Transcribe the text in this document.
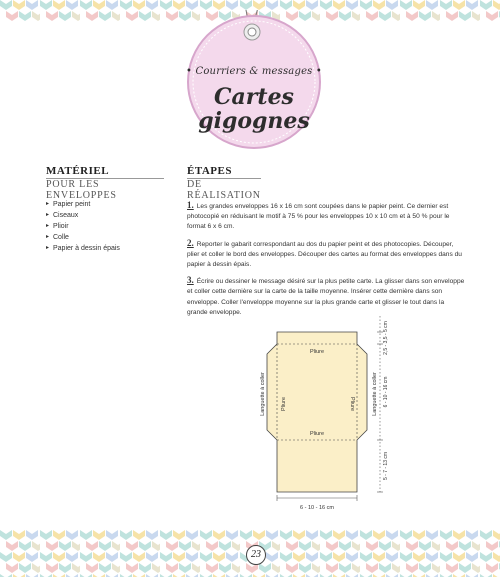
• Courriers & messages •
Cartes
gigognes
MATÉRIEL
POUR LES ENVELOPPES
▸ Papier peint
▸ Ciseaux
▸ Plioir
▸ Colle
▸ Papier à dessin épais
ÉTAPES
DE RÉALISATION
1. Les grandes enveloppes 16 x 16 cm sont coupées dans le papier peint. Ce dernier est photocopié en réduisant le motif à 75 % pour les enveloppes 10 x 10 cm et à 50 % pour le format 6 x 6 cm.
2. Reporter le gabarit correspondant au dos du papier peint et des photocopies. Découper, plier et coller le bord des enveloppes. Découper des cartes au format des enveloppes dans du papier à dessin épais.
3. Écrire ou dessiner le message désiré sur la plus petite carte. La glisser dans son enveloppe et coller cette dernière sur la carte de la taille moyenne. Insérer cette dernière dans son enveloppe. Coller l'enveloppe moyenne sur la plus grande carte et glisser le tout dans la grande enveloppe.
Pliure
Pliure
Pliure	Pliure
Languette à coller	Languette à coller
6 - 10 - 16 cm
2,5 - 3,5 - 5 cm
6 - 10 - 16 cm
5 - 7 - 13 cm
23
